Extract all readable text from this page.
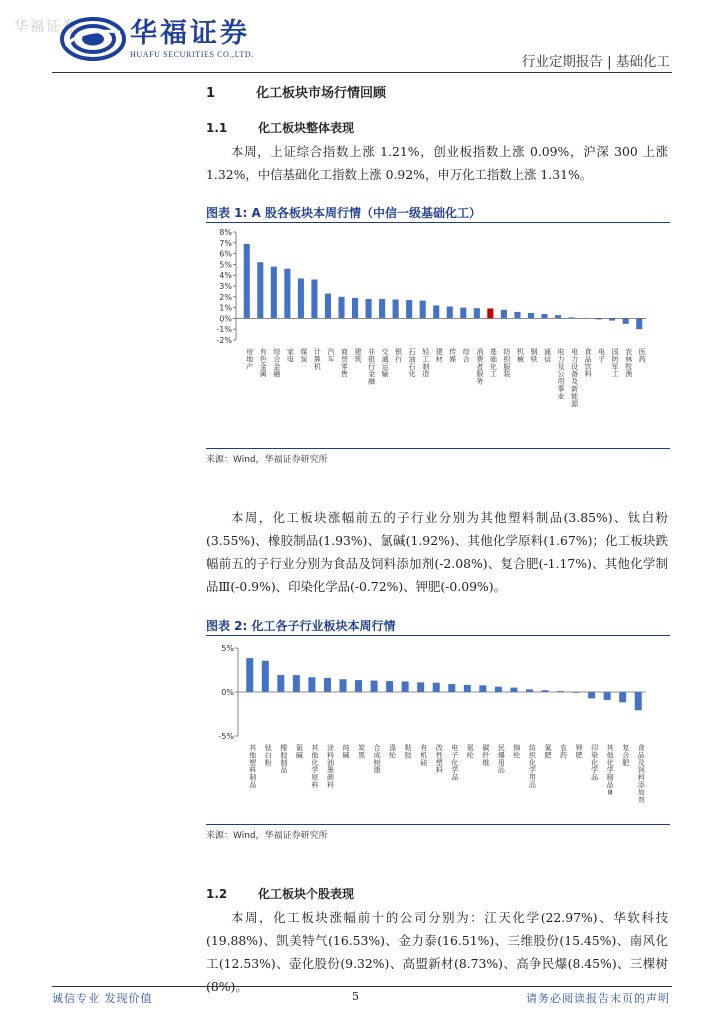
华福证券 华福证券
HUAFU SECURITIES CO.,LTD.	行业定期报告 | 基础化工
1	化工板块市场行情回顾
1.1	化工板块整体表现
本周，上证综合指数上涨 1.21%，创业板指数上涨 0.09%，沪深 300 上涨 1.32%，中信基础化工指数上涨 0.92%，申万化工指数上涨 1.31%。
图表 1: A 股各板块本周行情（中信一级基础化工）
8%
7%
6%
5%
4%
3%
2%
1%
0%
-1%
-2%
房地产
有色金属
综合金融
家电
煤炭
计算机
汽车
商贸零售
建筑
非银行金融
交通运输
银行
石油石化
轻工制造
建材
传媒
综合
消费者服务
基础化工
纺织服装
机械
钢铁
通信
电力及公用事业
电力设备及新能源
食品饮料
电子
国防军工
农林牧渔
医药
来源：Wind，华福证券研究所
本周，化工板块涨幅前五的子行业分别为其他塑料制品(3.85%)、钛白粉(3.55%)、橡胶制品(1.93%)、氯碱(1.92%)、其他化学原料(1.67%)；化工板块跌幅前五的子行业分别为食品及饲料添加剂(-2.08%)、复合肥(-1.17%)、其他化学制品Ⅲ(-0.9%)、印染化学品(-0.72%)、钾肥(-0.09%)。
图表 2: 化工各子行业板块本周行情
5%
0%
-5%
其他塑料制品
钛白粉
橡胶制品
氯碱
其他化学原料
涂料油墨颜料
纯碱
炭黑
合成树脂
涤纶
粘胶
有机硅
改性塑料
电子化学品
氨纶
碳纤维
民爆用品
锦纶
纺织化学用品
氮肥
农药
钾肥
印染化学品
其他化学制品 Ⅲ
复合肥
食品及饲料添加剂
来源：Wind，华福证券研究所
1.2	化工板块个股表现
本周，化工板块涨幅前十的公司分别为：江天化学(22.97%)、华软科技(19.88%)、凯美特气(16.53%)、金力泰(16.51%)、三维股份(15.45%)、南风化工(12.53%)、壶化股份(9.32%)、高盟新材(8.73%)、高争民爆(8.45%)、三棵树(8%)。
诚信专业 发现价值	5	请务必阅读报告末页的声明
